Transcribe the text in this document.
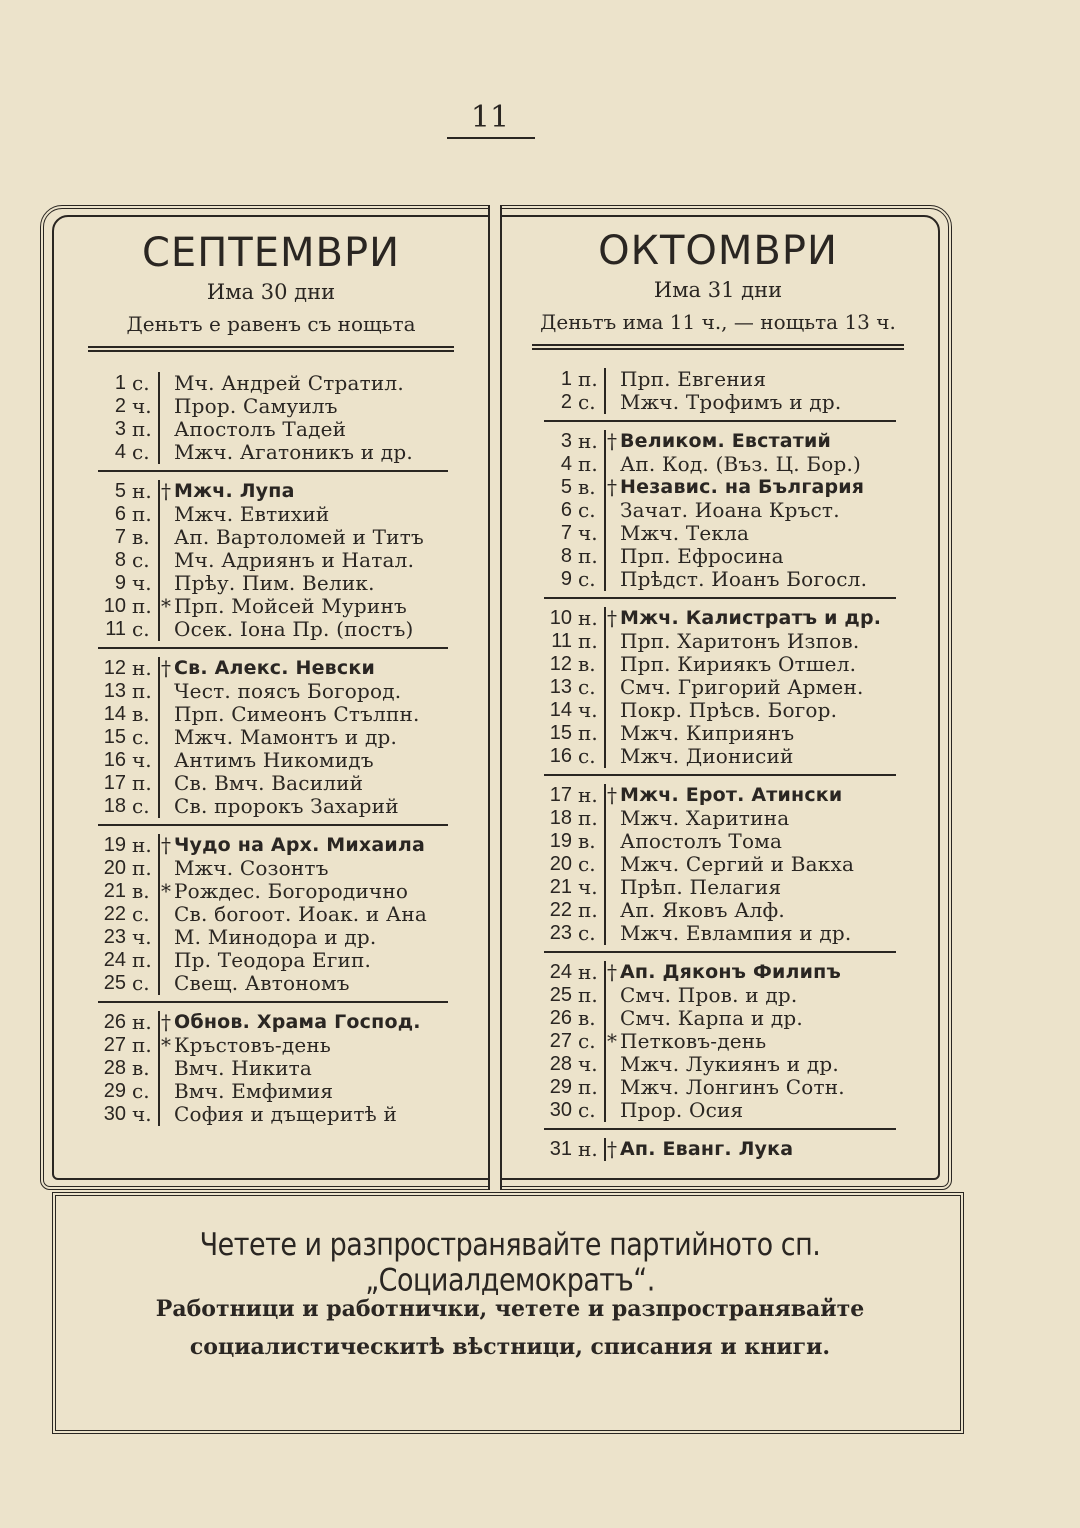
11
СЕПТЕМВРИ
Има 30 дни
Деньтъ е равенъ съ нощьта
1 с.	Мч. Андрей Стратил.
2 ч.	Прор. Самуилъ
3 п.	Апостолъ Тадей
4 с.	Мжч. Агатоникъ и др.
5 н. † Мжч. Лупа
6 п.	Мжч. Евтихий
7 в.	Ап. Вартоломей и Титъ
8 с.	Мч. Адриянъ и Натал.
9 ч.	Прѣу. Пим. Велик.
10 п. * Прп. Мойсей Муринъ
11 с.	Осек. Іона Пр. (постъ)
12 н. † Св. Алекс. Невски
13 п.	Чест. поясъ Богород.
14 в.	Прп. Симеонъ Стълпн.
15 с.	Мжч. Мамонтъ и др.
16 ч.	Антимъ Никомидъ
17 п.	Св. Вмч. Василий
18 с.	Св. пророкъ Захарий
19 н. † Чудо на Арх. Михаила
20 п.	Мжч. Созонтъ
21 в. * Рождес. Богородично
22 с.	Св. богоот. Иоак. и Ана
23 ч.	М. Минодора и др.
24 п.	Пр. Теодора Егип.
25 с.	Свещ. Автономъ
26 н. † Обнов. Храма Господ.
27 п. * Кръстовъ-день
28 в.	Вмч. Никита
29 с.	Вмч. Емфимия
30 ч.	София и дъщеритѣ й
ОКТОМВРИ
Има 31 дни
Деньтъ има 11 ч., — нощьта 13 ч.
1 п.	Прп. Евгения
2 с.	Мжч. Трофимъ и др.
3 н. † Великом. Евстатий
4 п.	Ап. Код. (Въз. Ц. Бор.)
5 в. † Независ. на България
6 с.	Зачат. Иоана Кръст.
7 ч.	Мжч. Текла
8 п.	Прп. Ефросина
9 с.	Прѣдст. Иоанъ Богосл.
10 н. † Мжч. Калистратъ и др.
11 п.	Прп. Харитонъ Изпов.
12 в.	Прп. Кириякъ Отшел.
13 с.	Смч. Григорий Армен.
14 ч.	Покр. Прѣсв. Богор.
15 п.	Мжч. Киприянъ
16 с.	Мжч. Дионисий
17 н. † Мжч. Ерот. Атински
18 п.	Мжч. Харитина
19 в.	Апостолъ Тома
20 с.	Мжч. Сергий и Вакха
21 ч.	Прѣп. Пелагия
22 п.	Ап. Яковъ Алф.
23 с.	Мжч. Евлампия и др.
24 н. † Ап. Дяконъ Филипъ
25 п.	Смч. Пров. и др.
26 в.	Смч. Карпа и др.
27 с. * Петковъ-день
28 ч.	Мжч. Лукиянъ и др.
29 п.	Мжч. Лонгинъ Сотн.
30 с.	Прор. Осия
31 н. † Ап. Еванг. Лука
Четете и разпространявайте партийното сп. „Социалдемократъ“.
Работници и работнички, четете и разпространявайте
социалистическитѣ вѣстници, списания и книги.
